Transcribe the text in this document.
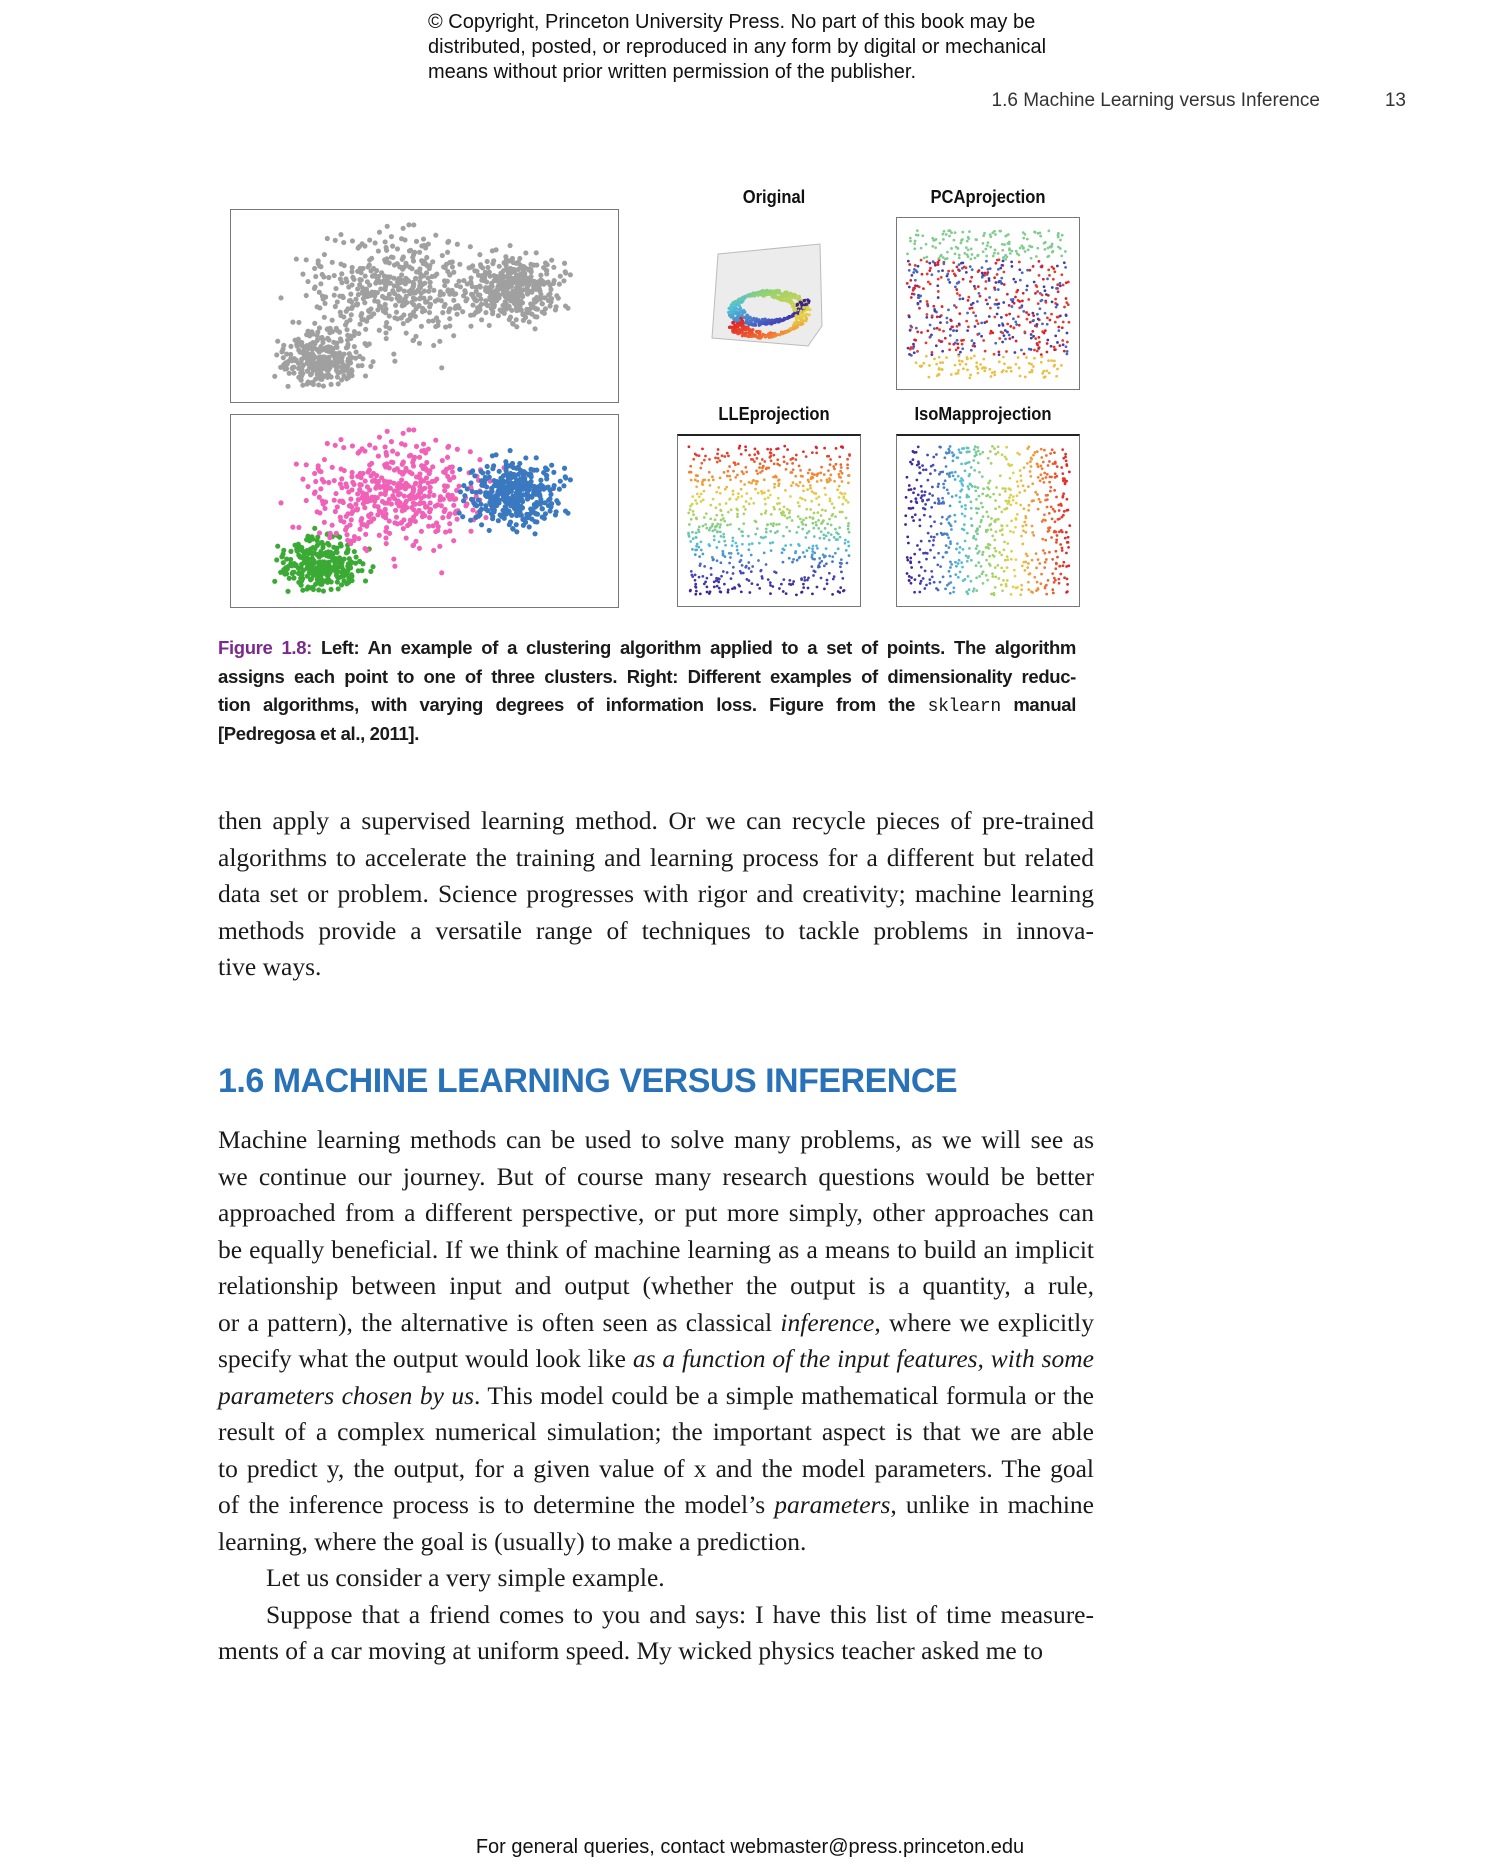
© Copyright, Princeton University Press. No part of this book may be
distributed, posted, or reproduced in any form by digital or mechanical
means without prior written permission of the publisher.
1.6 Machine Learning versus Inference	13
Original	PCAprojection
LLEprojection	IsoMapprojection
Figure 1.8: Left: An example of a clustering algorithm applied to a set of points. The algorithm
assigns each point to one of three clusters. Right: Different examples of dimensionality reduc-
tion algorithms, with varying degrees of information loss. Figure from the sklearn manual
[Pedregosa et al., 2011].
then apply a supervised learning method. Or we can recycle pieces of pre-trained
algorithms to accelerate the training and learning process for a different but related
data set or problem. Science progresses with rigor and creativity; machine learning
methods provide a versatile range of techniques to tackle problems in innova-
tive ways.
Machine learning methods can be used to solve many problems, as we will see as
we continue our journey. But of course many research questions would be better
approached from a different perspective, or put more simply, other approaches can
be equally beneficial. If we think of machine learning as a means to build an implicit
relationship between input and output (whether the output is a quantity, a rule,
or a pattern), the alternative is often seen as classical inference, where we explicitly
specify what the output would look like as a function of the input features, with some
parameters chosen by us. This model could be a simple mathematical formula or the
result of a complex numerical simulation; the important aspect is that we are able
to predict y, the output, for a given value of x and the model parameters. The goal
of the inference process is to determine the model’s parameters, unlike in machine
learning, where the goal is (usually) to make a prediction.
Let us consider a very simple example.
Suppose that a friend comes to you and says: I have this list of time measure-
ments of a car moving at uniform speed. My wicked physics teacher asked me to
1.6 MACHINE LEARNING VERSUS INFERENCE
For general queries, contact webmaster@press.princeton.edu
